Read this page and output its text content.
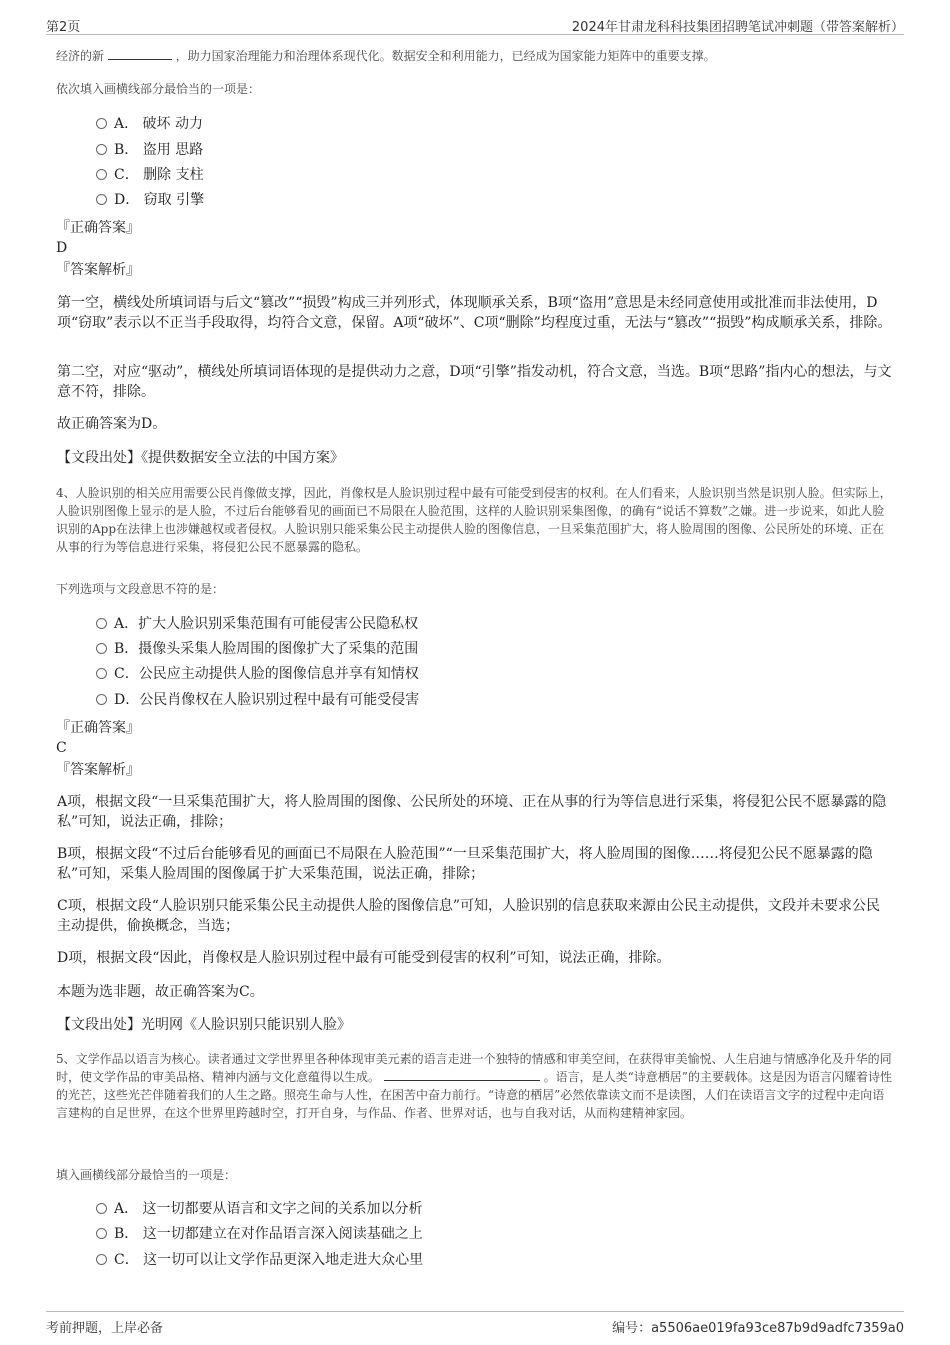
第2页	2024年甘肃龙科科技集团招聘笔试冲刺题（带答案解析）
经济的新	，助力国家治理能力和治理体系现代化。数据安全和利用能力，已经成为国家能力矩阵中的重要支撑。
依次填入画横线部分最恰当的一项是：
A． 破坏 动力
B． 盗用 思路
C． 删除 支柱
D． 窃取 引擎
『正确答案』
D
『答案解析』
第一空，横线处所填词语与后文“篡改”“损毁”构成三并列形式，体现顺承关系，B项“盗用”意思是未经同意使用或批准而非法使用，D项“窃取”表示以不正当手段取得，均符合文意，保留。A项“破坏”、C项“删除”均程度过重，无法与“篡改”“损毁”构成顺承关系，排除。
第二空，对应“驱动”，横线处所填词语体现的是提供动力之意，D项“引擎”指发动机，符合文意，当选。B项“思路”指内心的想法，与文意不符，排除。
故正确答案为D。
【文段出处】《提供数据安全立法的中国方案》
4、人脸识别的相关应用需要公民肖像做支撑，因此，肖像权是人脸识别过程中最有可能受到侵害的权利。在人们看来，人脸识别当然是识别人脸。但实际上，人脸识别图像上显示的是人脸，不过后台能够看见的画面已不局限在人脸范围，这样的人脸识别采集图像，的确有“说话不算数”之嫌。进一步说来，如此人脸识别的App在法律上也涉嫌越权或者侵权。人脸识别只能采集公民主动提供人脸的图像信息，一旦采集范围扩大，将人脸周围的图像、公民所处的环境、正在从事的行为等信息进行采集，将侵犯公民不愿暴露的隐私。
下列选项与文段意思不符的是：
A．扩大人脸识别采集范围有可能侵害公民隐私权
B．摄像头采集人脸周围的图像扩大了采集的范围
C．公民应主动提供人脸的图像信息并享有知情权
D．公民肖像权在人脸识别过程中最有可能受侵害
『正确答案』
C
『答案解析』
A项，根据文段“一旦采集范围扩大，将人脸周围的图像、公民所处的环境、正在从事的行为等信息进行采集，将侵犯公民不愿暴露的隐私”可知，说法正确，排除；
B项，根据文段“不过后台能够看见的画面已不局限在人脸范围”“一旦采集范围扩大，将人脸周围的图像……将侵犯公民不愿暴露的隐私”可知，采集人脸周围的图像属于扩大采集范围，说法正确，排除；
C项，根据文段“人脸识别只能采集公民主动提供人脸的图像信息”可知，人脸识别的信息获取来源由公民主动提供，文段并未要求公民主动提供，偷换概念，当选；
D项，根据文段“因此，肖像权是人脸识别过程中最有可能受到侵害的权利”可知，说法正确，排除。
本题为选非题，故正确答案为C。
【文段出处】光明网《人脸识别只能识别人脸》
5、文学作品以语言为核心。读者通过文学世界里各种体现审美元素的语言走进一个独特的情感和审美空间，在获得审美愉悦、人生启迪与情感净化及升华的同时，使文学作品的审美品格、精神内涵与文化意蕴得以生成。	。语言，是人类“诗意栖居”的主要载体。这是因为语言闪耀着诗性的光芒，这些光芒伴随着我们的人生之路。照亮生命与人性，在困苦中奋力前行。“诗意的栖居”必然依靠读文而不是读图，人们在读语言文字的过程中走向语言建构的自足世界，在这个世界里跨越时空，打开自身，与作品、作者、世界对话，也与自我对话，从而构建精神家园。
填入画横线部分最恰当的一项是：
A． 这一切都要从语言和文字之间的关系加以分析
B． 这一切都建立在对作品语言深入阅读基础之上
C． 这一切可以让文学作品更深入地走进大众心里
考前押题，上岸必备	编号：a5506ae019fa93ce87b9d9adfc7359a0
